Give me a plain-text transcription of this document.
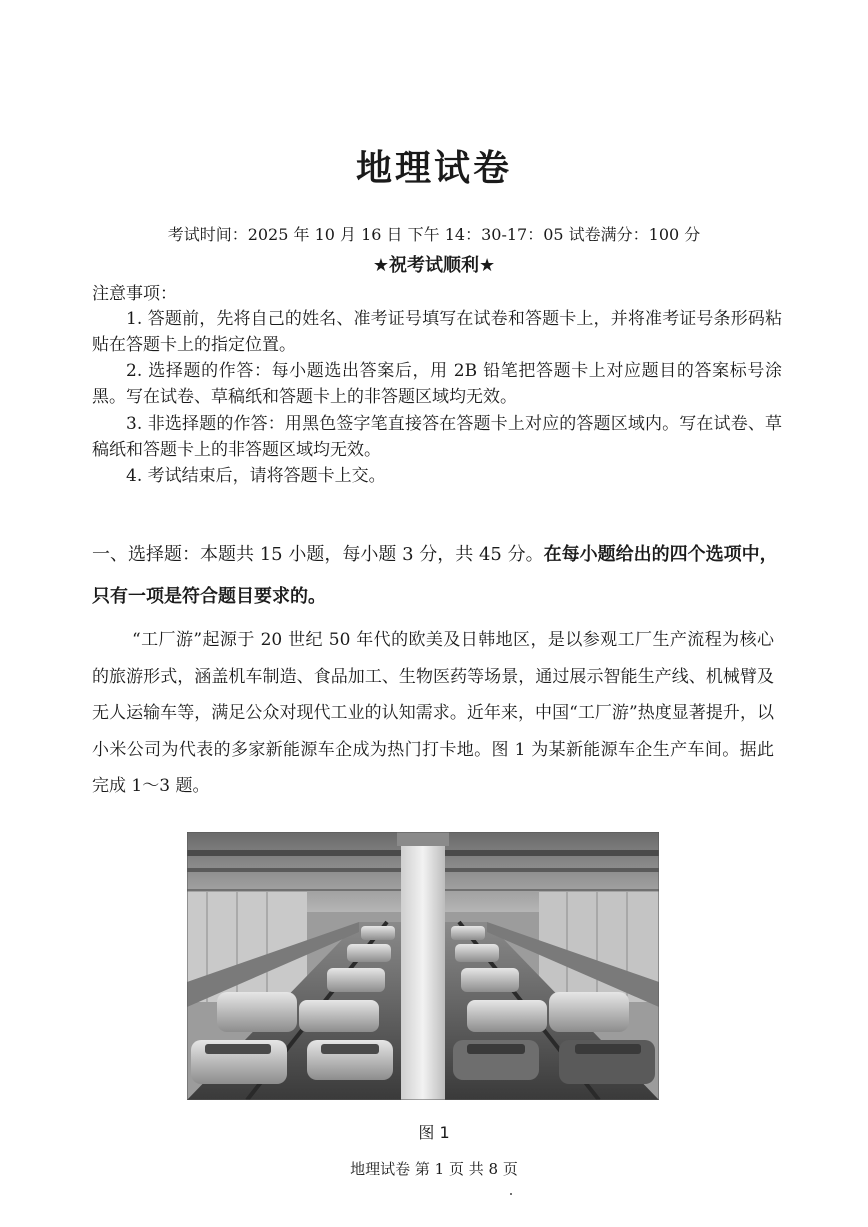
地理试卷
考试时间：2025 年 10 月 16 日 下午 14：30-17：05 试卷满分：100 分
★祝考试顺利★
注意事项：
1. 答题前，先将自己的姓名、准考证号填写在试卷和答题卡上，并将准考证号条形码粘贴在答题卡上的指定位置。
2. 选择题的作答：每小题选出答案后，用 2B 铅笔把答题卡上对应题目的答案标号涂黑。写在试卷、草稿纸和答题卡上的非答题区域均无效。
3. 非选择题的作答：用黑色签字笔直接答在答题卡上对应的答题区域内。写在试卷、草稿纸和答题卡上的非答题区域均无效。
4. 考试结束后，请将答题卡上交。
一、选择题：本题共 15 小题，每小题 3 分，共 45 分。在每小题给出的四个选项中，只有一项是符合题目要求的。
“工厂游”起源于 20 世纪 50 年代的欧美及日韩地区，是以参观工厂生产流程为核心的旅游形式，涵盖机车制造、食品加工、生物医药等场景，通过展示智能生产线、机械臂及无人运输车等，满足公众对现代工业的认知需求。近年来，中国“工厂游”热度显著提升，以小米公司为代表的多家新能源车企成为热门打卡地。图 1 为某新能源车企生产车间。据此完成 1～3 题。
图 1
地理试卷 第 1 页 共 8 页
